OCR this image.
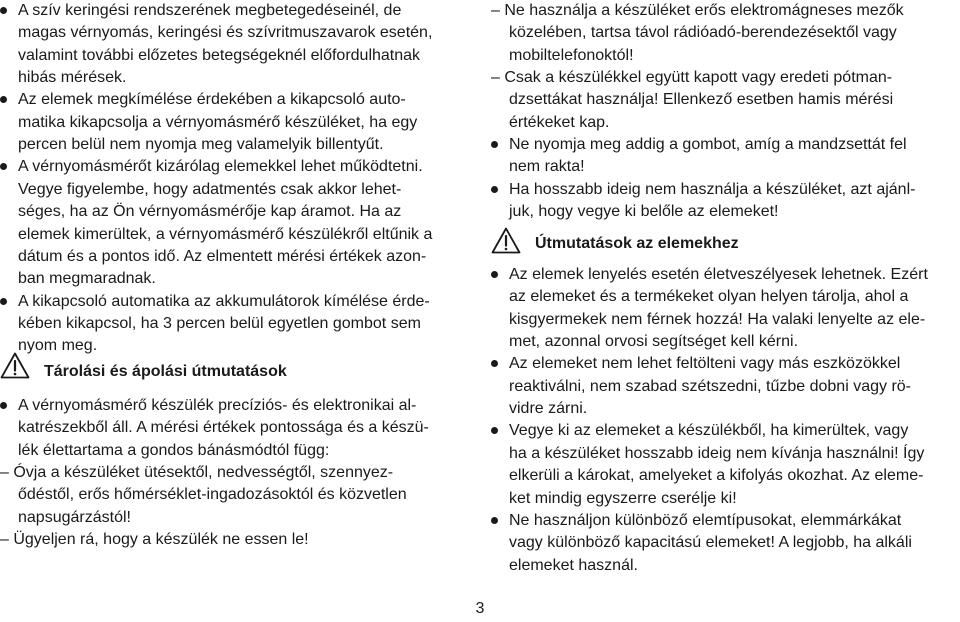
A szív keringési rendszerének megbetegedéseinél, de
magas vérnyomás, keringési és szívritmuszavarok esetén,
valamint további előzetes betegségeknél előfordulhatnak
hibás mérések.
Az elemek megkímélése érdekében a kikapcsoló auto-
matika kikapcsolja a vérnyomásmérő készüléket, ha egy
percen belül nem nyomja meg valamelyik billentyűt.
A vérnyomásmérőt kizárólag elemekkel lehet működtetni.
Vegye figyelembe, hogy adatmentés csak akkor lehet-
séges, ha az Ön vérnyomásmérője kap áramot. Ha az
elemek kimerültek, a vérnyomásmérő készülékről eltűnik a
dátum és a pontos idő. Az elmentett mérési értékek azon-
ban megmaradnak.
A kikapcsoló automatika az akkumulátorok kímélése érde-
kében kikapcsol, ha 3 percen belül egyetlen gombot sem
nyom meg.
Tárolási és ápolási útmutatások
A vérnyomásmérő készülék precíziós- és elektronikai al-
katrészekből áll. A mérési értékek pontossága és a készü-
lék élettartama a gondos bánásmódtól függ:
– Óvja a készüléket ütésektől, nedvességtől, szennyez-
ődéstől, erős hőmérséklet-ingadozásoktól és közvetlen
napsugárzástól!
– Ügyeljen rá, hogy a készülék ne essen le!
– Ne használja a készüléket erős elektromágneses mezők
közelében, tartsa távol rádióadó-berendezésektől vagy
mobiltelefonoktól!
– Csak a készülékkel együtt kapott vagy eredeti pótman-
dzsettákat használja! Ellenkező esetben hamis mérési
értékeket kap.
Ne nyomja meg addig a gombot, amíg a mandzsettát fel
nem rakta!
Ha hosszabb ideig nem használja a készüléket, azt ajánl-
juk, hogy vegye ki belőle az elemeket!
Útmutatások az elemekhez
Az elemek lenyelés esetén életveszélyesek lehetnek. Ezért
az elemeket és a termékeket olyan helyen tárolja, ahol a
kisgyermekek nem férnek hozzá! Ha valaki lenyelte az ele-
met, azonnal orvosi segítséget kell kérni.
Az elemeket nem lehet feltölteni vagy más eszközökkel
reaktiválni, nem szabad szétszedni, tűzbe dobni vagy rö-
vidre zárni.
Vegye ki az elemeket a készülékből, ha kimerültek, vagy
ha a készüléket hosszabb ideig nem kívánja használni! Így
elkerüli a károkat, amelyeket a kifolyás okozhat. Az eleme-
ket mindig egyszerre cserélje ki!
Ne használjon különböző elemtípusokat, elemmárkákat
vagy különböző kapacitású elemeket! A legjobb, ha alkáli
elemeket használ.
3
